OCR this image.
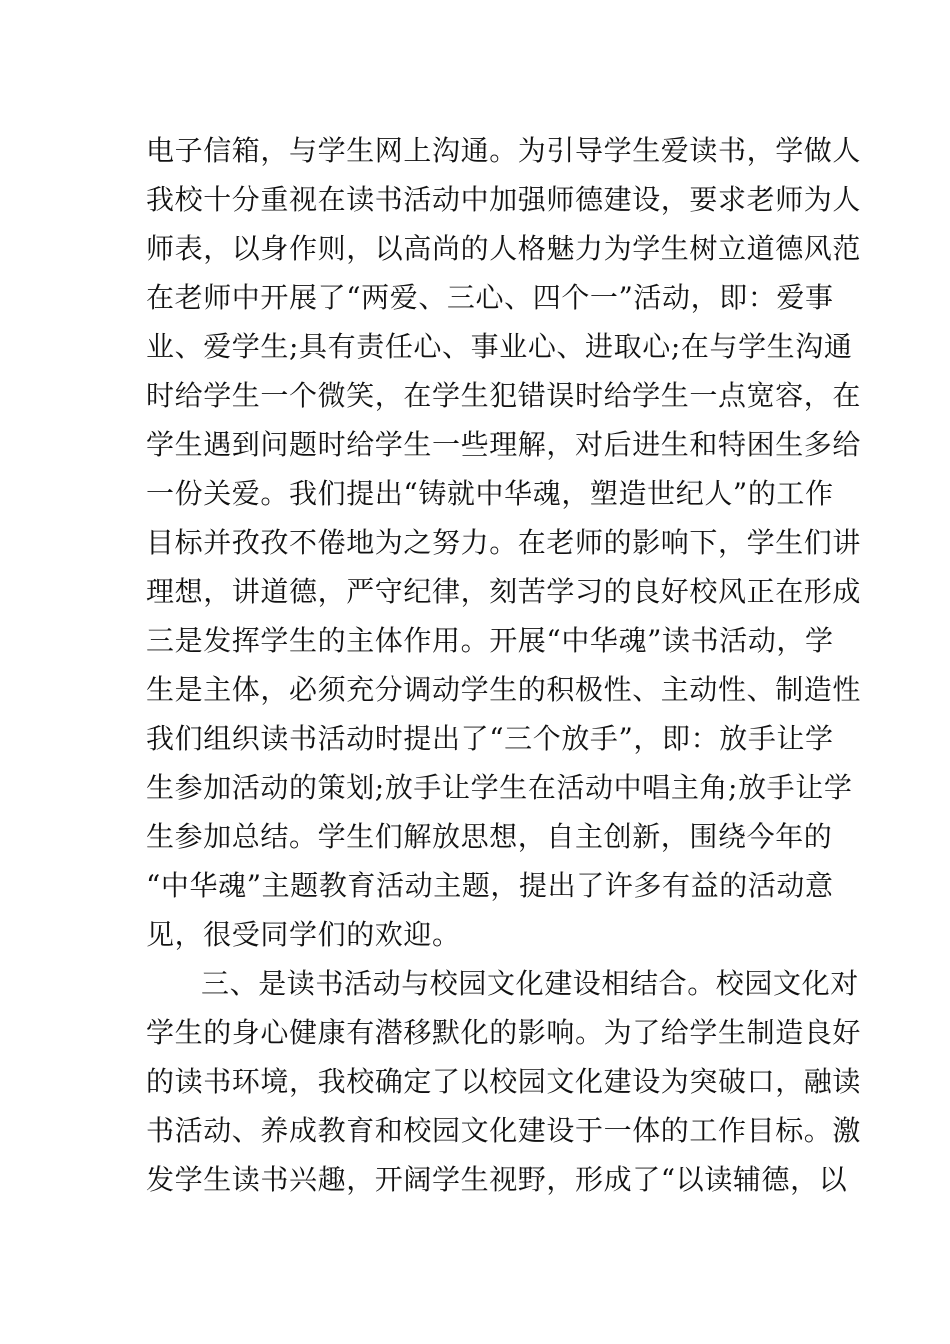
电子信箱，与学生网上沟通。为引导学生爱读书，学做人
我校十分重视在读书活动中加强师德建设，要求老师为人
师表，以身作则，以高尚的人格魅力为学生树立道德风范
在老师中开展了“两爱、三心、四个一”活动，即：爱事
业、爱学生;具有责任心、事业心、进取心;在与学生沟通
时给学生一个微笑，在学生犯错误时给学生一点宽容，在
学生遇到问题时给学生一些理解，对后进生和特困生多给
一份关爱。我们提出“铸就中华魂，塑造世纪人”的工作
目标并孜孜不倦地为之努力。在老师的影响下，学生们讲
理想，讲道德，严守纪律，刻苦学习的良好校风正在形成
三是发挥学生的主体作用。开展“中华魂”读书活动，学
生是主体，必须充分调动学生的积极性、主动性、制造性
我们组织读书活动时提出了“三个放手”，即：放手让学
生参加活动的策划;放手让学生在活动中唱主角;放手让学
生参加总结。学生们解放思想，自主创新，围绕今年的
“中华魂”主题教育活动主题，提出了许多有益的活动意
见，很受同学们的欢迎。
三、是读书活动与校园文化建设相结合。校园文化对
学生的身心健康有潜移默化的影响。为了给学生制造良好
的读书环境，我校确定了以校园文化建设为突破口，融读
书活动、养成教育和校园文化建设于一体的工作目标。激
发学生读书兴趣，开阔学生视野，形成了“以读辅德，以
